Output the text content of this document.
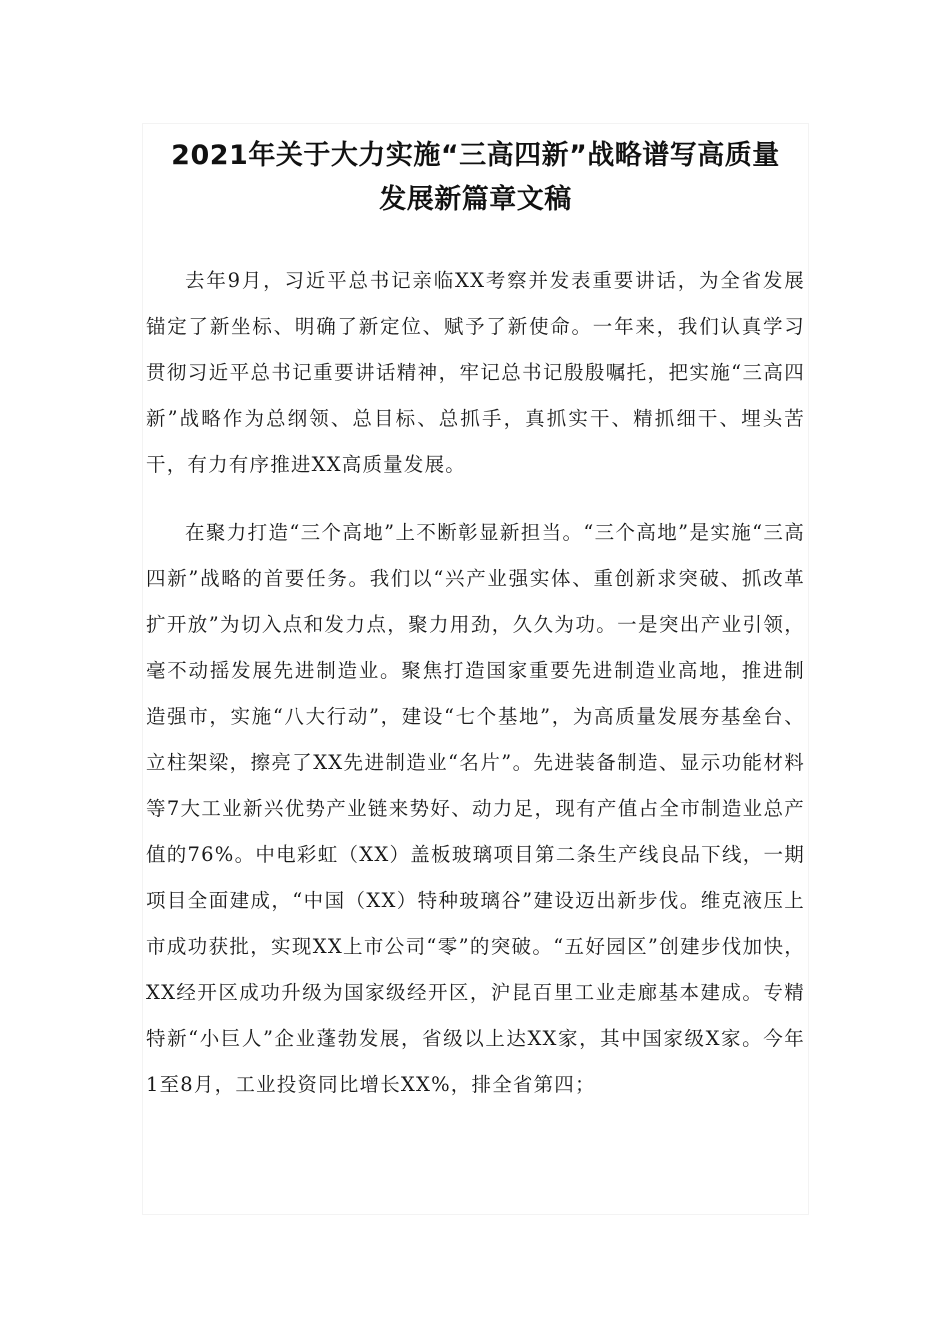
2021年关于大力实施“三高四新”战略谱写高质量
发展新篇章文稿

去年9月，习近平总书记亲临XX考察并发表重要讲话，为全省发展锚定了新坐标、明确了新定位、赋予了新使命。一年来，我们认真学习贯彻习近平总书记重要讲话精神，牢记总书记殷殷嘱托，把实施“三高四新”战略作为总纲领、总目标、总抓手，真抓实干、精抓细干、埋头苦干，有力有序推进XX高质量发展。

在聚力打造“三个高地”上不断彰显新担当。“三个高地”是实施“三高四新”战略的首要任务。我们以“兴产业强实体、重创新求突破、抓改革扩开放”为切入点和发力点，聚力用劲，久久为功。一是突出产业引领，毫不动摇发展先进制造业。聚焦打造国家重要先进制造业高地，推进制造强市，实施“八大行动”，建设“七个基地”，为高质量发展夯基垒台、立柱架梁，擦亮了XX先进制造业“名片”。先进装备制造、显示功能材料等7大工业新兴优势产业链来势好、动力足，现有产值占全市制造业总产值的76%。中电彩虹（XX）盖板玻璃项目第二条生产线良品下线，一期项目全面建成，“中国（XX）特种玻璃谷”建设迈出新步伐。维克液压上市成功获批，实现XX上市公司“零”的突破。“五好园区”创建步伐加快，XX经开区成功升级为国家级经开区，沪昆百里工业走廊基本建成。专精特新“小巨人”企业蓬勃发展，省级以上达XX家，其中国家级X家。今年1至8月，工业投资同比增长XX%，排全省第四；
